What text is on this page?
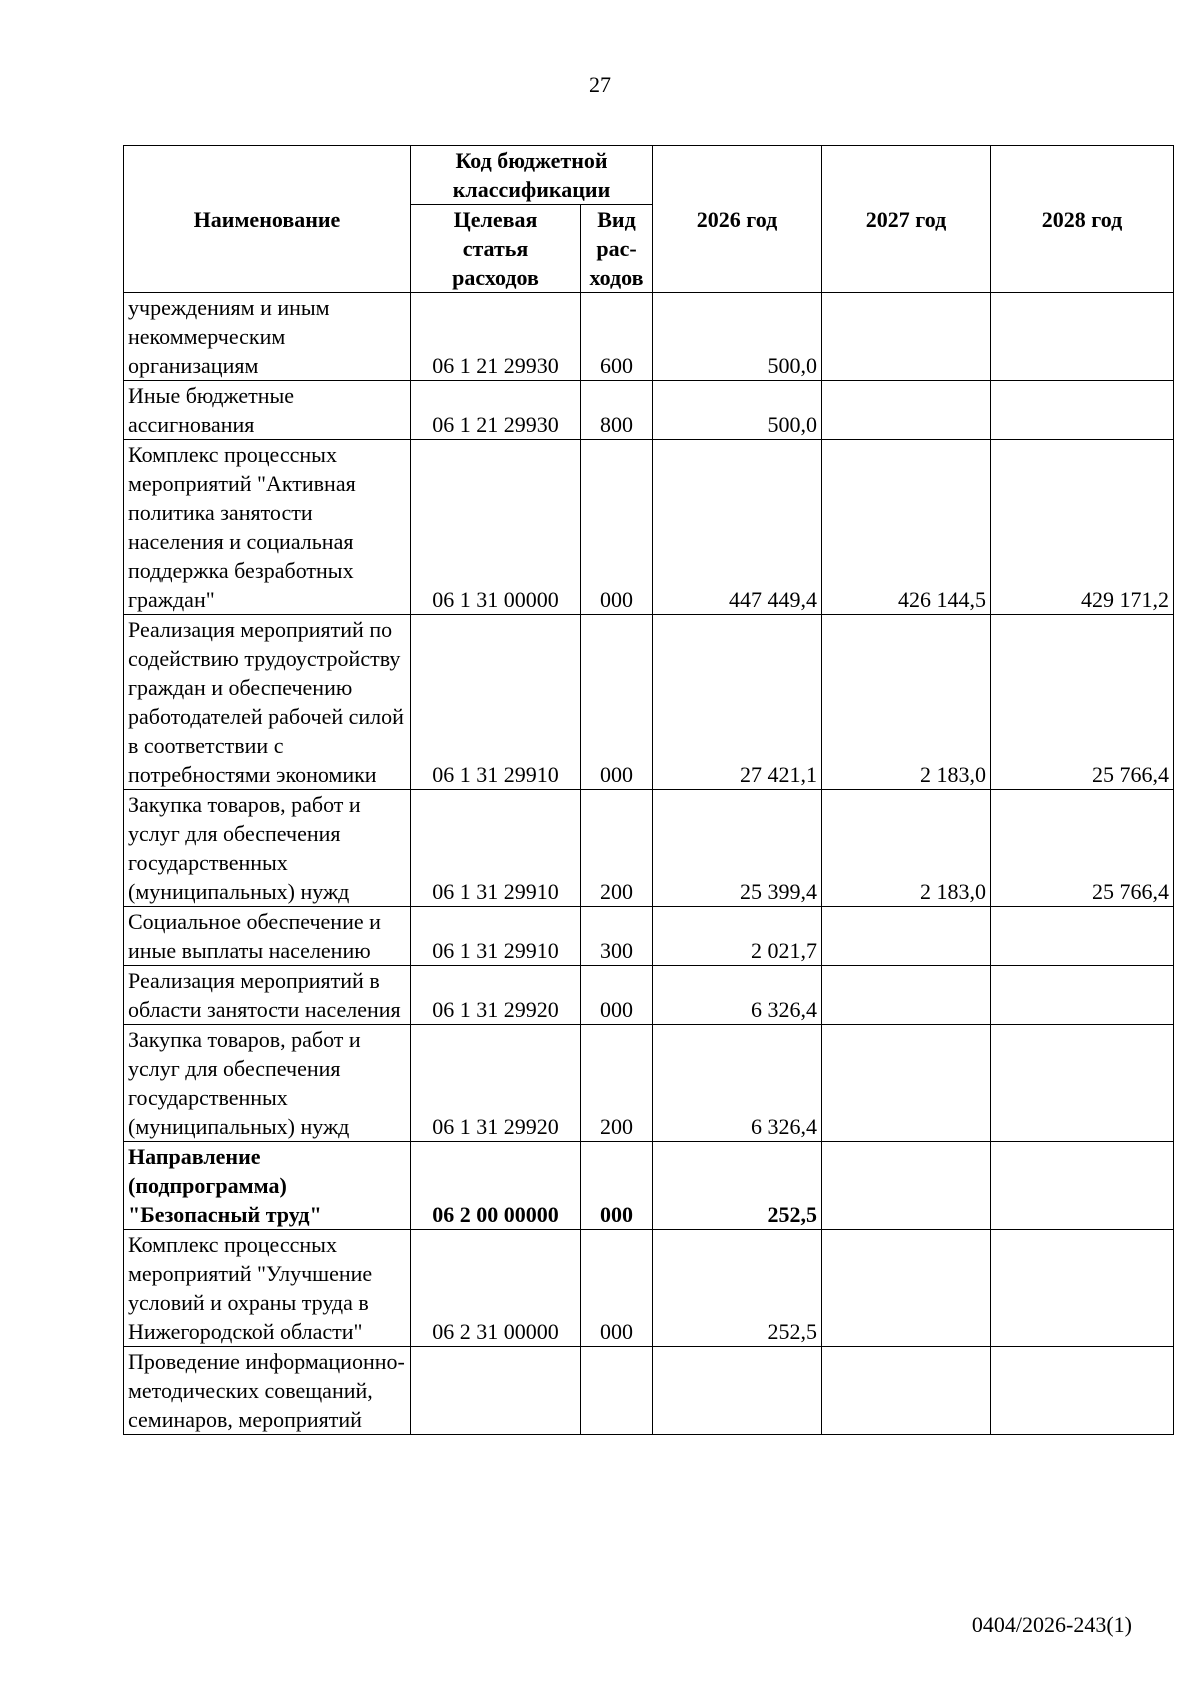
27
Наименование	Код бюджетной классификации		2026 год	2027 год	2028 год
	Целевая статья расходов	Вид рас-ходов			
учреждениям и иным некоммерческим организациям	06 1 21 29930	600	500,0		
Иные бюджетные ассигнования	06 1 21 29930	800	500,0		
Комплекс процессных мероприятий "Активная политика занятости населения и социальная поддержка безработных граждан"	06 1 31 00000	000	447 449,4	426 144,5	429 171,2
Реализация мероприятий по содействию трудоустройству граждан и обеспечению работодателей рабочей силой в соответствии с потребностями экономики	06 1 31 29910	000	27 421,1	2 183,0	25 766,4
Закупка товаров, работ и услуг для обеспечения государственных (муниципальных) нужд	06 1 31 29910	200	25 399,4	2 183,0	25 766,4
Социальное обеспечение и иные выплаты населению	06 1 31 29910	300	2 021,7		
Реализация мероприятий в области занятости населения	06 1 31 29920	000	6 326,4		
Закупка товаров, работ и услуг для обеспечения государственных (муниципальных) нужд	06 1 31 29920	200	6 326,4		
Направление (подпрограмма) "Безопасный труд"	06 2 00 00000	000	252,5		
Комплекс процессных мероприятий "Улучшение условий и охраны труда в Нижегородской области"	06 2 31 00000	000	252,5		
Проведение информационно-методических совещаний, семинаров, мероприятий					
0404/2026-243(1)
